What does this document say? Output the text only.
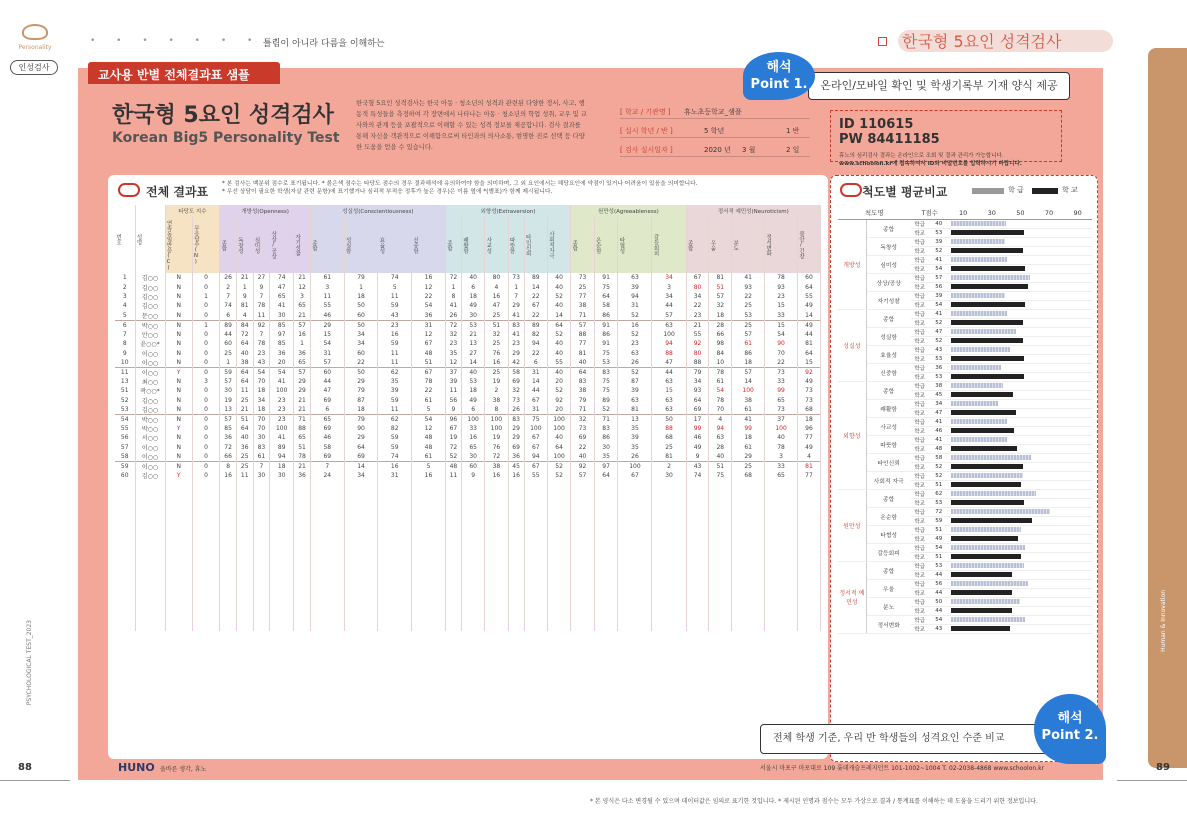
Personality
인성검사
• • • • • • • •
틀림이 아니라 다름을 이해하는	한국형 5요인 성격검사
Human & Innovation
PSYCHOLOGICAL TEST_2023
교사용 반별 전체결과표 샘플
한국형 5요인 성격검사
Korean Big5 Personality Test
한국형 5요인 성격검사는 한국 아동 · 청소년의 성격과 관련된 다양한 정서, 사고, 행동적 특성들을 측정하여 각 장면에서 나타나는 아동 · 청소년의 학업 성취, 교우 및 교사와의 관계 등을 포괄적으로 이해할 수 있는 성격 정보를 제공합니다. 검사 결과를 통해 자신을 객관적으로 이해함으로써 타인과의 의사소통, 현명한 진로 선택 등 다양한 도움을 얻을 수 있습니다.
[ 학교 / 기관명 ]	휴노초등학교_샘플
[ 실시 학년 / 반 ]	5 학년	1 반
[ 검사 실시일자 ]	2020 년	3 월	2 일
ID 110615PW 84411185
휴노의 심리검사 결과는 온라인으로 조회 및 결과 관리가 가능합니다.
www.schoolon.kr에 접속하셔서 ID와 비밀번호를 입력하시기 바랍니다.
온라인/모바일 확인 및 학생기록부 기재 양식 제공
해석
Point 1.
전체 결과표
* 본 검사는 백분위 점수로 표기됩니다. * 붉은색 점수는 타당도 점수의 경우 결과해석에 유의하여야 함을 의미하며, 그 외 요인에서는 해당요인에 약점이 있거나 어려움이 있음을 의미합니다.
* 우선 상담이 필요한 학생(자살 관련 문항)에 표기했거나 심리적 부적응 정후가 높은 경우)은 이름 옆에 *(별표)가 함께 제시됩니다.
번호	성명	타당도 지수		개방성(Openness)					성실성(Conscientiousness)				외향성(Extraversion)						원만성(Agreeableness)				정서적 예민성(Neuroticism)				

		연속동일반응(C)	무응답수(N)	종합	독창성	심미성	상상/공상	자기성찰	종합	성실함	효율성	신중함	종합	쾌활함	사교성	따뜻함	타인신뢰	사회적자극	종합	온순함	타협성	갈등회피	종합	우울	분노	정서변화	불안/긴장

1	김○○	N	0	26	21	27	74	21	61	79	74	16	72	40	80	73	89	40	73	91	63	34	67	81	41	78	60
2	김○○	N	0	2	1	9	47	12	3	1	5	12	1	6	4	1	14	40	25	75	39	3	80	51	93	93	64
3	김○○	N	1	7	9	7	65	3	11	18	11	22	8	18	16	7	22	52	77	64	94	34	34	57	22	23	55
4	김○○	N	0	74	81	78	41	65	55	50	59	54	41	49	47	29	67	40	38	58	31	44	22	32	25	15	49
5	문○○	N	0	6	4	11	30	21	46	60	43	36	26	30	25	41	22	14	71	86	52	57	23	18	53	33	14
6	박○○	N	1	89	84	92	85	57	29	50	23	31	72	53	51	83	89	64	57	91	16	63	21	28	25	15	49
7	안○○	N	0	44	72	7	97	16	15	34	16	12	32	21	32	41	82	52	88	86	52	100	55	66	57	54	44
8	윤○○*	N	0	60	64	78	85	1	54	34	59	67	23	13	25	23	94	40	77	91	23	94	92	98	61	90	81
9	이○○	N	0	25	40	23	36	36	31	60	11	48	35	27	76	29	22	40	81	75	63	88	80	84	86	70	64
10	이○○	N	0	1	38	43	20	65	57	22	11	51	12	14	16	42	6	55	40	53	26	47	88	10	18	22	15
11	이○○	Y	0	59	64	54	54	57	60	50	62	67	37	40	25	58	31	40	64	83	52	44	79	78	57	73	92
13	최○○	N	3	57	64	70	41	29	44	29	35	78	39	53	19	69	14	20	83	75	87	63	34	61	14	33	49
51	곽○○*	N	0	30	11	18	100	29	47	79	39	22	11	18	2	32	44	52	38	75	39	15	93	54	100	99	73
52	김○○	N	0	19	25	34	23	21	69	87	59	61	56	49	38	73	67	92	79	89	63	63	64	78	38	65	73
53	김○○	N	0	13	21	18	23	21	6	18	11	5	9	6	8	26	31	20	71	52	81	63	69	70	61	73	68
54	박○○	N	0	57	51	70	23	71	65	79	62	54	96	100	100	83	75	100	32	71	13	50	17	4	41	37	18
55	박○○	Y	0	85	64	70	100	88	69	90	82	12	67	33	100	29	100	100	73	83	35	88	99	94	99	100	96
56	서○○	N	0	36	40	30	41	65	46	29	59	48	19	16	19	29	67	40	69	86	39	68	46	63	18	40	77
57	이○○	N	0	72	36	83	89	51	58	64	59	48	72	65	76	69	67	64	22	30	35	25	49	28	61	78	49
58	이○○	N	0	66	25	61	94	78	69	69	74	61	52	30	72	36	94	100	40	35	26	81	9	40	29	3	4
59	이○○	N	0	8	25	7	18	21	7	14	16	5	48	60	38	45	67	52	92	97	100	2	43	51	25	33	81
60	김○○	Y	0	16	11	30	30	36	24	34	31	16	11	9	16	16	55	52	57	64	67	30	74	75	68	65	77

척도별 평균비교	학 급	학 교
척도명		T점수		10 30 50 70 90

개방성	종합	학급	40	

		학교	53	

	독창성	학급	39	

		학교	52	

	심미성	학급	41	

		학교	54	

	상상/공상	학급	57	

		학교	56	

	자기성찰	학급	39	

		학교	54	

성실성	종합	학급	41	

		학교	52	

	성실함	학급	47	

		학교	52	

	효율성	학급	43	

		학교	53	

	신중함	학급	36	

		학교	53	

외향성	종합	학급	38	

		학교	45	

	쾌활함	학급	34	

		학교	47	

	사교성	학급	41	

		학교	46	

	따뜻함	학급	41	

		학교	48	

	타인신뢰	학급	58	

		학교	52	

	사회적 자극	학급	52	

		학교	51	

원만성	종합	학급	62	

		학교	53	

	온순함	학급	72	

		학교	59	

	타협성	학급	51	

		학교	49	

	갈등회피	학급	54	

		학교	51	

정서적 예민성	종합	학급	53	

		학교	44	

	우울	학급	56	

		학교	44	

	분노	학급	50	

		학교	44	

	정서변화	학급	54	

		학교	43	
전체 학생 기준, 우리 반 학생들의 성격요인 수준 비교
해석
Point 2.
HUNO 올바른 생각, 휴노	서울시 마포구 마포대로 109 롯데캐슬프레지던트 101-1002~1004 T. 02-2038-4868 www.schoolon.kr
88	89
* 본 양식은 다소 변경될 수 있으며 데이터값은 임의로 표기한 것입니다. * 제시된 인명과 점수는 모두 가상으로 결과 / 통계표를 이해하는 데 도움을 드리기 위한 정보입니다.
